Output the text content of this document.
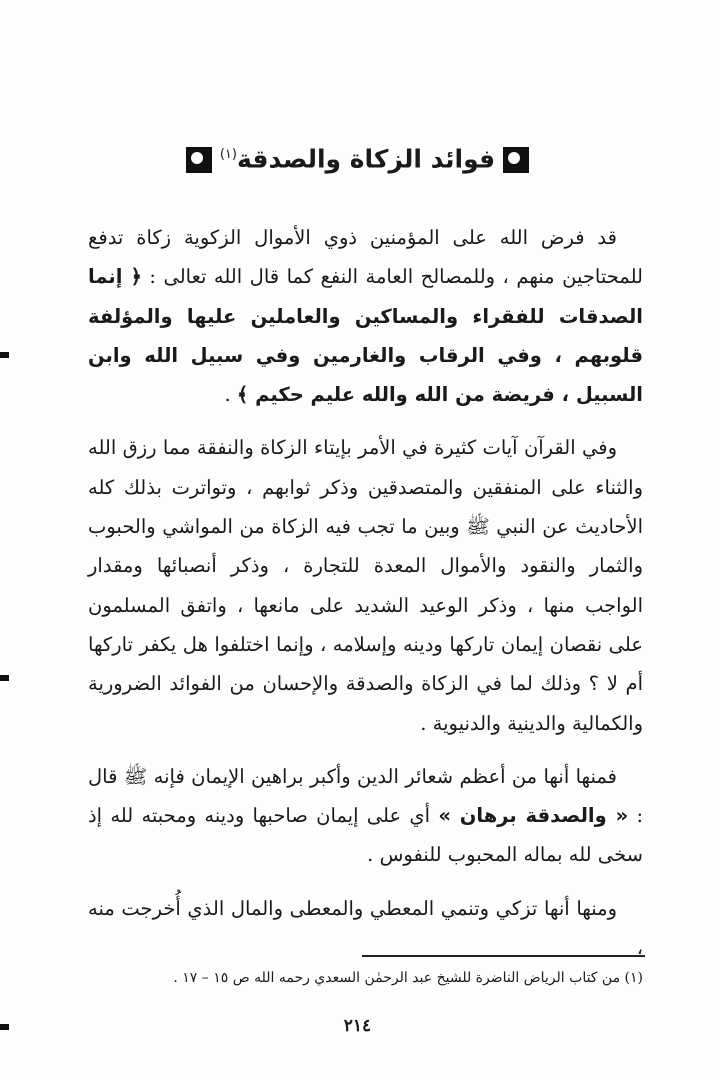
فوائد الزكاة والصدقة$^{(١)}$

قد فرض الله على المؤمنين ذوي الأموال الزكوية زكاة تدفع للمحتاجين منهم ، وللمصالح العامة النفع كما قال الله تعالى : ﴿ إنما الصدقات للفقراء والمساكين والعاملين عليها والمؤلفة قلوبهم ، وفي الرقاب والغارمين وفي سبيل الله وابن السبيل ، فريضة من الله والله عليم حكيم ﴾ .

وفي القرآن آيات كثيرة في الأمر بإيتاء الزكاة والنفقة مما رزق الله والثناء على المنفقين والمتصدقين وذكر ثوابهم ، وتواترت بذلك كله الأحاديث عن النبي ﷺ وبين ما تجب فيه الزكاة من المواشي والحبوب والثمار والنقود والأموال المعدة للتجارة ، وذكر أنصبائها ومقدار الواجب منها ، وذكر الوعيد الشديد على مانعها ، واتفق المسلمون على نقصان إيمان تاركها ودينه وإسلامه ، وإنما اختلفوا هل يكفر تاركها أم لا ؟ وذلك لما في الزكاة والصدقة والإحسان من الفوائد الضرورية والكمالية والدينية والدنيوية .

فمنها أنها من أعظم شعائر الدين وأكبر براهين الإيمان فإنه ﷺ قال : « والصدقة برهان » أي على إيمان صاحبها ودينه ومحبته لله إذ سخى لله بماله المحبوب للنفوس .

ومنها أنها تزكي وتنمي المعطي والمعطى والمال الذي أُخرجت منه ،

(١) من كتاب الرياض الناضرة للشيخ عبد الرحمٰن السعدي رحمه الله ص ١٥ – ١٧ .
٢١٤
